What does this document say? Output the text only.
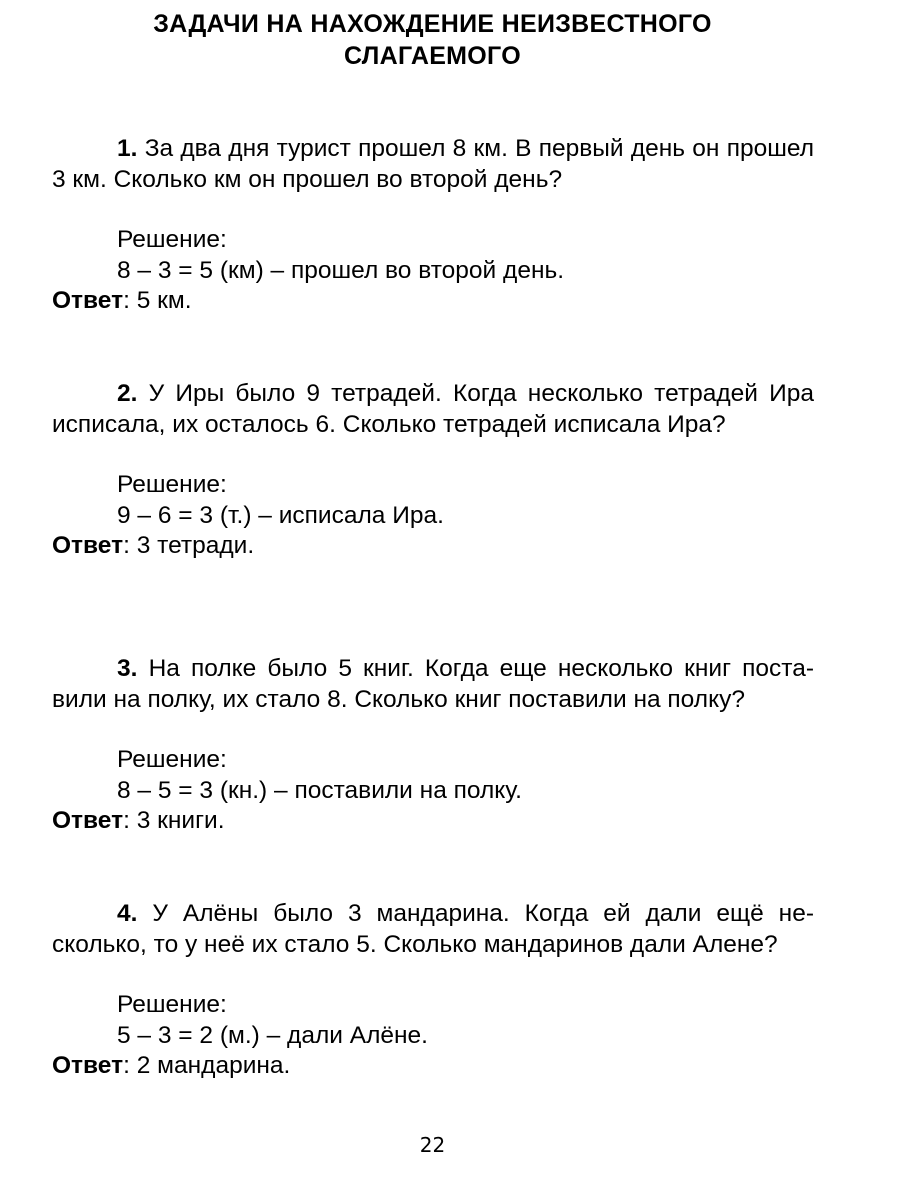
ЗАДАЧИ НА НАХОЖДЕНИЕ НЕИЗВЕСТНОГО
СЛАГАЕМОГО

1. За два дня турист прошел 8 км. В первый день он прошел 3 км. Сколько км он прошел во второй день?

Решение:
8 – 3 = 5 (км) – прошел во второй день.

Ответ: 5 км.

2. У Иры было 9 тетрадей. Когда несколько тетрадей Ира исписала, их осталось 6. Сколько тетрадей исписала Ира?

Решение:
9 – 6 = 3 (т.) – исписала Ира.

Ответ: 3 тетради.

3. На полке было 5 книг. Когда еще несколько книг поста-вили на полку, их стало 8. Сколько книг поставили на полку?

Решение:
8 – 5 = 3 (кн.) – поставили на полку.

Ответ: 3 книги.

4. У Алёны было 3 мандарина. Когда ей дали ещё не-сколько, то у неё их стало 5. Сколько мандаринов дали Алене?

Решение:
5 – 3 = 2 (м.) – дали Алёне.

Ответ: 2 мандарина.

22
